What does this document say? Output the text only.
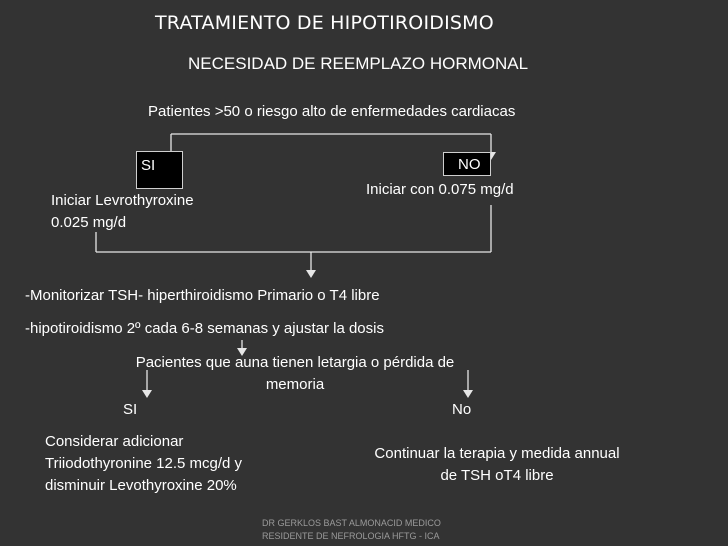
TRATAMIENTO DE HIPOTIROIDISMO
NECESIDAD DE REEMPLAZO HORMONAL
Patientes >50 o riesgo alto de enfermedades cardiacas
SI	NO
Iniciar Levrothyroxine
0.025 mg/d
Iniciar con 0.075 mg/d
-Monitorizar TSH- hiperthiroidismo Primario o T4 libre
-hipotiroidismo 2º cada 6-8 semanas y ajustar la dosis
Pacientes que auna tienen letargia o pérdida de memoria
SI	No
Considerar adicionar
Triiodothyronine 12.5 mcg/d y
disminuir Levothyroxine 20%
Continuar la terapia y medida annual de TSH oT4 libre
DR GERKLOS BAST ALMONACID MEDICO
RESIDENTE DE NEFROLOGIA HFTG - ICA
